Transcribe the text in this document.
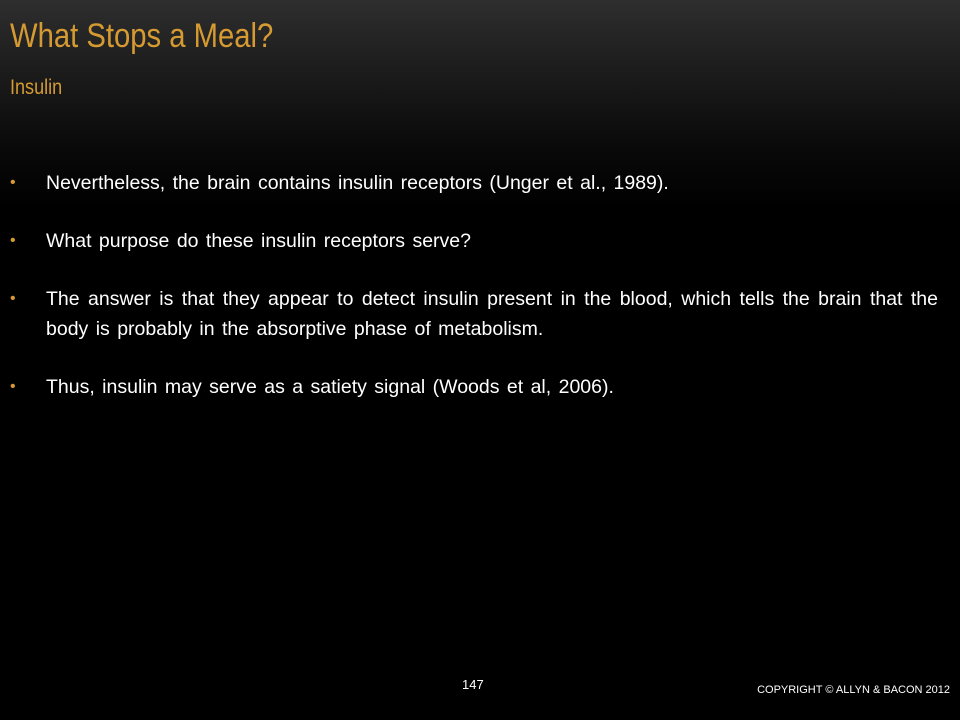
What Stops a Meal?
Insulin
•	Nevertheless, the brain contains insulin receptors (Unger et al., 1989).
•	What purpose do these insulin receptors serve?
•	The answer is that they appear to detect insulin present in the blood, which tells the brain that the body is probably in the absorptive phase of metabolism.
•	Thus, insulin may serve as a satiety signal (Woods et al, 2006).
147	COPYRIGHT © ALLYN & BACON 2012
